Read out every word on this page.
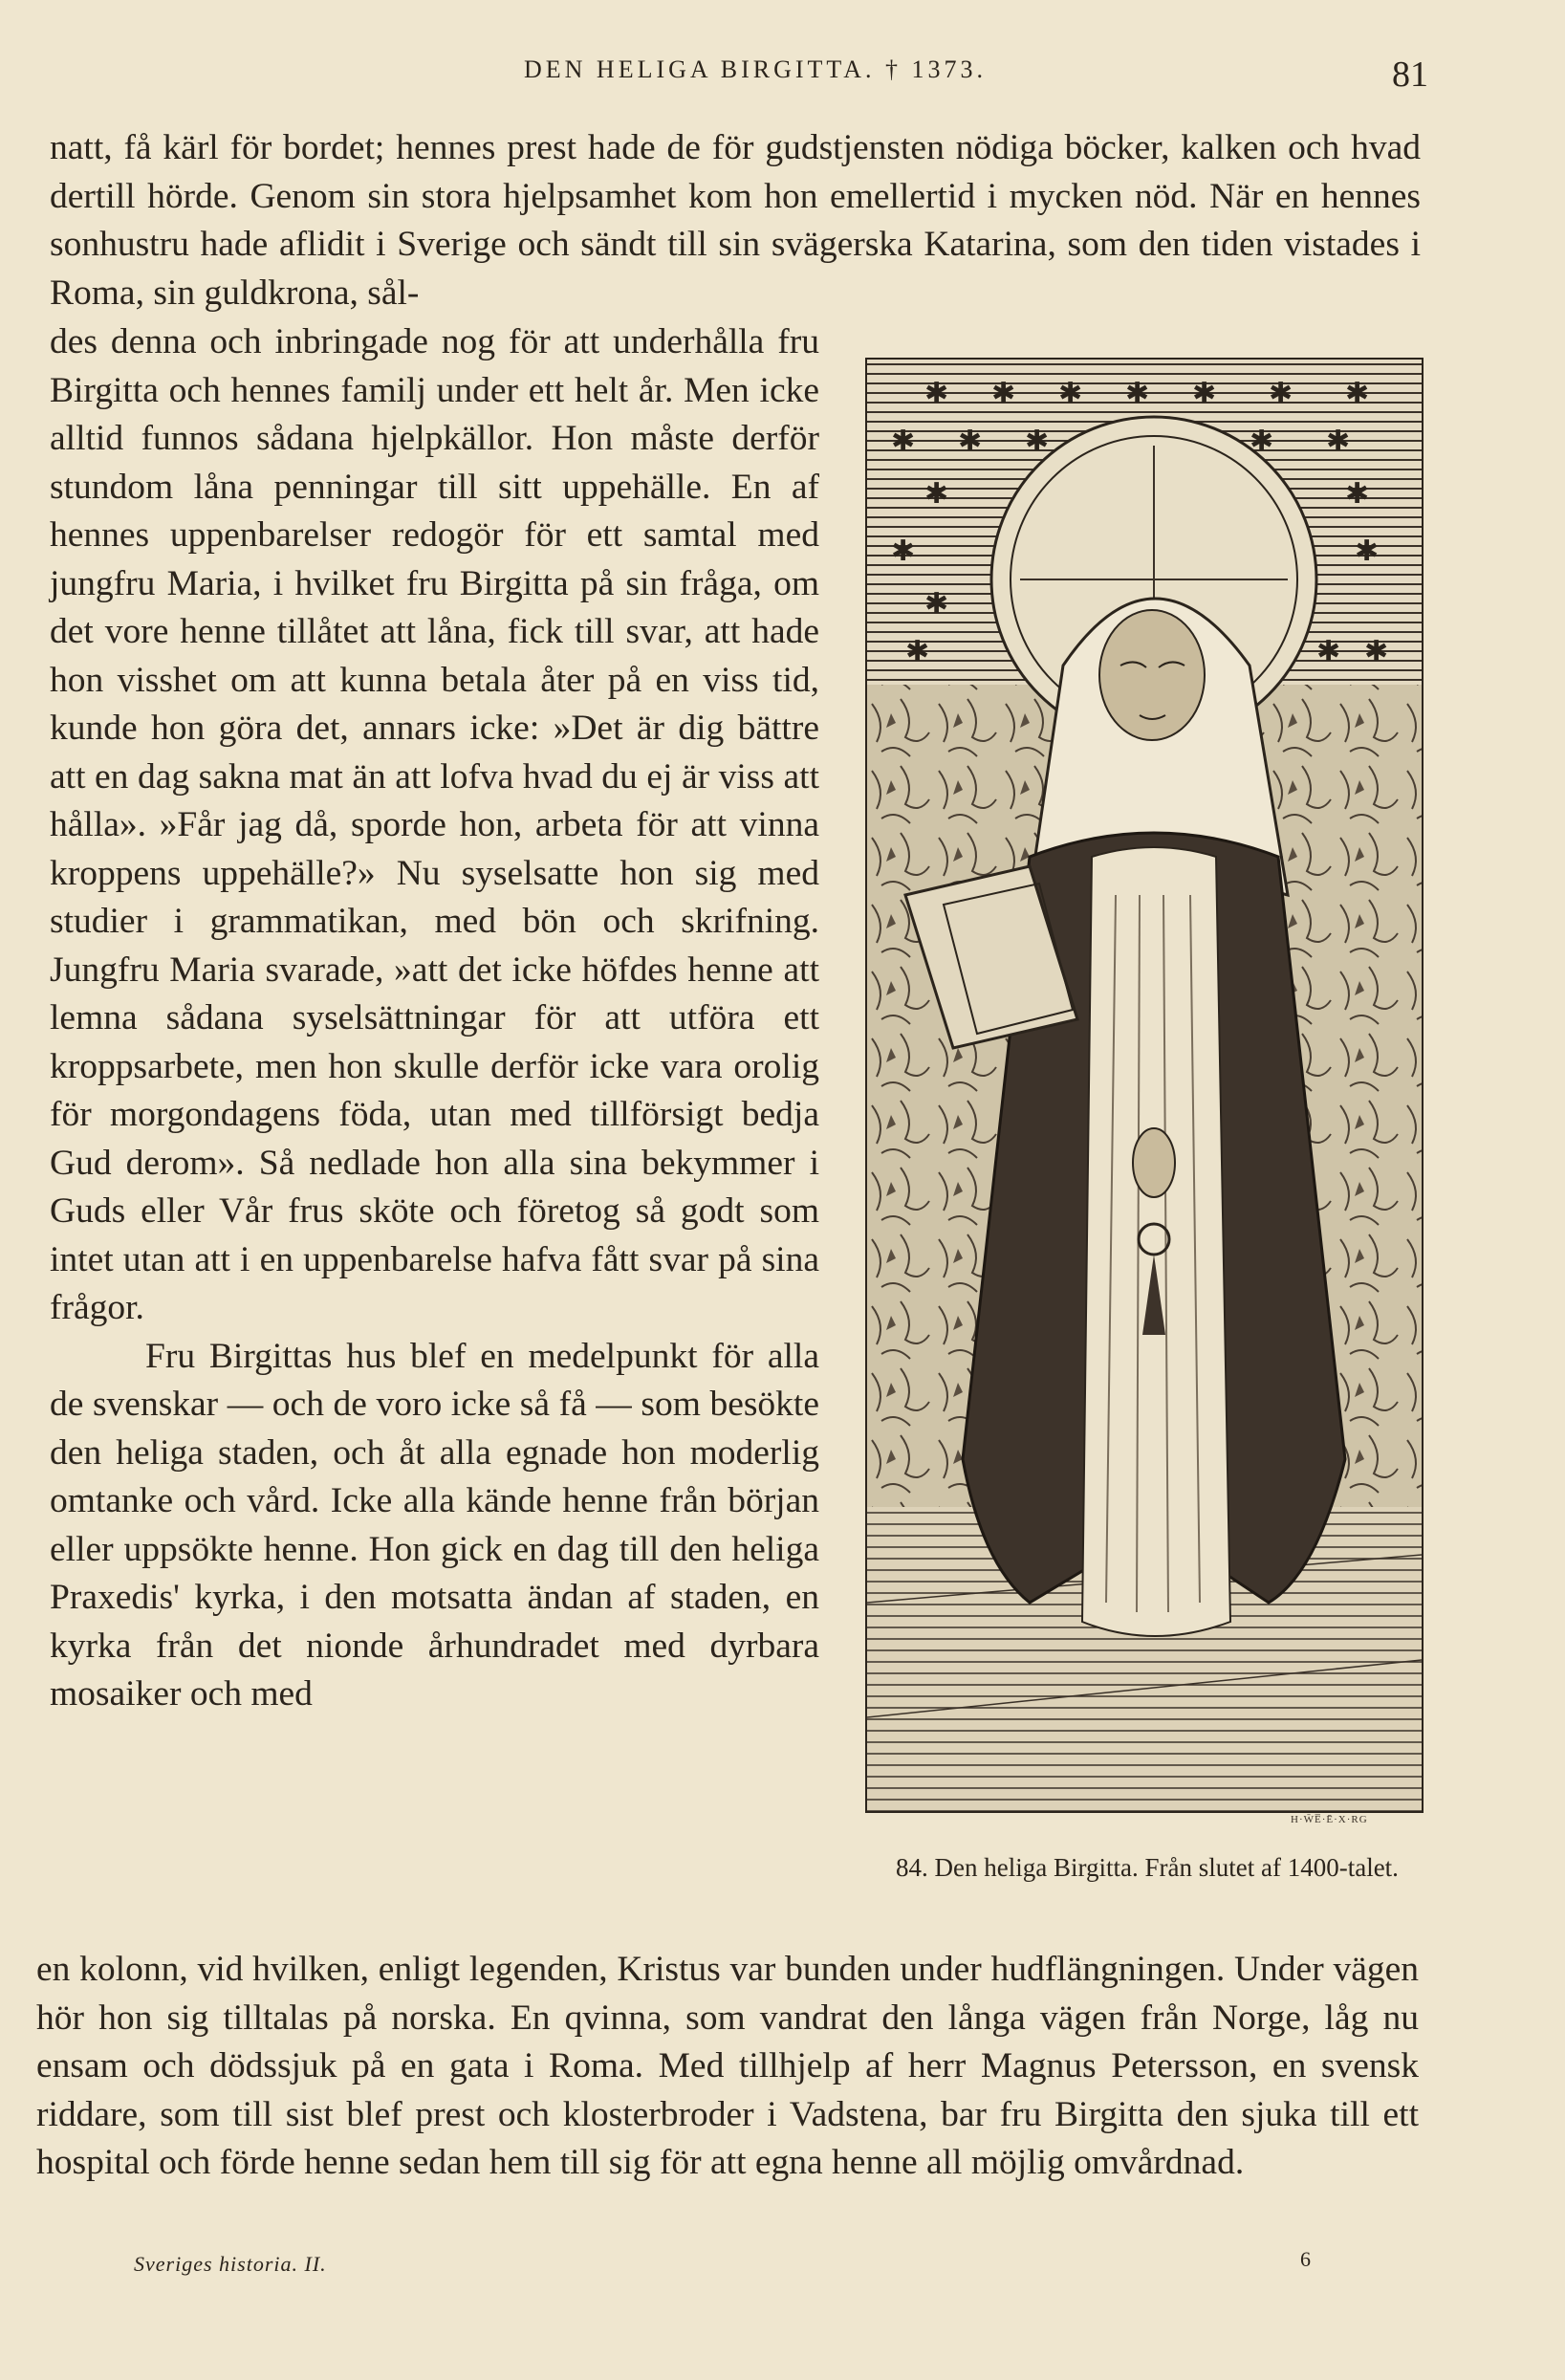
DEN HELIGA BIRGITTA. † 1373.	81

natt, få kärl för bordet; hennes prest hade de för gudstjensten nödiga böcker, kalken och hvad dertill hörde. Genom sin stora hjelpsamhet kom hon emellertid i mycken nöd. När en hennes sonhustru hade aflidit i Sverige och sändt till sin svägerska Katarina, som den tiden vistades i Roma, sin guldkrona, sål-

des denna och inbringade nog för att underhålla fru Birgitta och hennes familj under ett helt år. Men icke alltid funnos sådana hjelpkällor. Hon måste derför stundom låna penningar till sitt uppehälle. En af hennes uppenbarelser redogör för ett samtal med jungfru Maria, i hvilket fru Birgitta på sin fråga, om det vore henne tillåtet att låna, fick till svar, att hade hon visshet om att kunna betala åter på en viss tid, kunde hon göra det, annars icke: »Det är dig bättre att en dag sakna mat än att lofva hvad du ej är viss att hålla». »Får jag då, sporde hon, arbeta för att vinna kroppens uppehälle?» Nu syselsatte hon sig med studier i grammatikan, med bön och skrifning. Jungfru Maria svarade, »att det icke höfdes henne att lemna sådana syselsättningar för att utföra ett kroppsarbete, men hon skulle derför icke vara orolig för morgondagens föda, utan med tillförsigt bedja Gud derom». Så nedlade hon alla sina bekymmer i Guds eller Vår frus sköte och företog så godt som intet utan att i en uppenbarelse hafva fått svar på sina frågor.

Fru Birgittas hus blef en medelpunkt för alla de svenskar — och de voro icke så få — som besökte den heliga staden, och åt alla egnade hon moderlig omtanke och vård. Icke alla kände henne från början eller uppsökte henne. Hon gick en dag till den heliga Praxedis' kyrka, i den motsatta ändan af staden, en kyrka från det nionde århundradet med dyrbara mosaiker och med

✱ ✱ ✱ ✱ ✱ ✱ ✱
✱ ✱ ✱	✱ ✱
✱	✱
✱	✱
✱
✱	✱ ✱
H·W̄E̅̅·Ē·X·RG
84. Den heliga Birgitta. Från slutet af 1400-talet.

en kolonn, vid hvilken, enligt legenden, Kristus var bunden under hudflängningen. Under vägen hör hon sig tilltalas på norska. En qvinna, som vandrat den långa vägen från Norge, låg nu ensam och dödssjuk på en gata i Roma. Med tillhjelp af herr Magnus Petersson, en svensk riddare, som till sist blef prest och klosterbroder i Vadstena, bar fru Birgitta den sjuka till ett hospital och förde henne sedan hem till sig för att egna henne all möjlig omvårdnad.

Sveriges historia. II.	6
